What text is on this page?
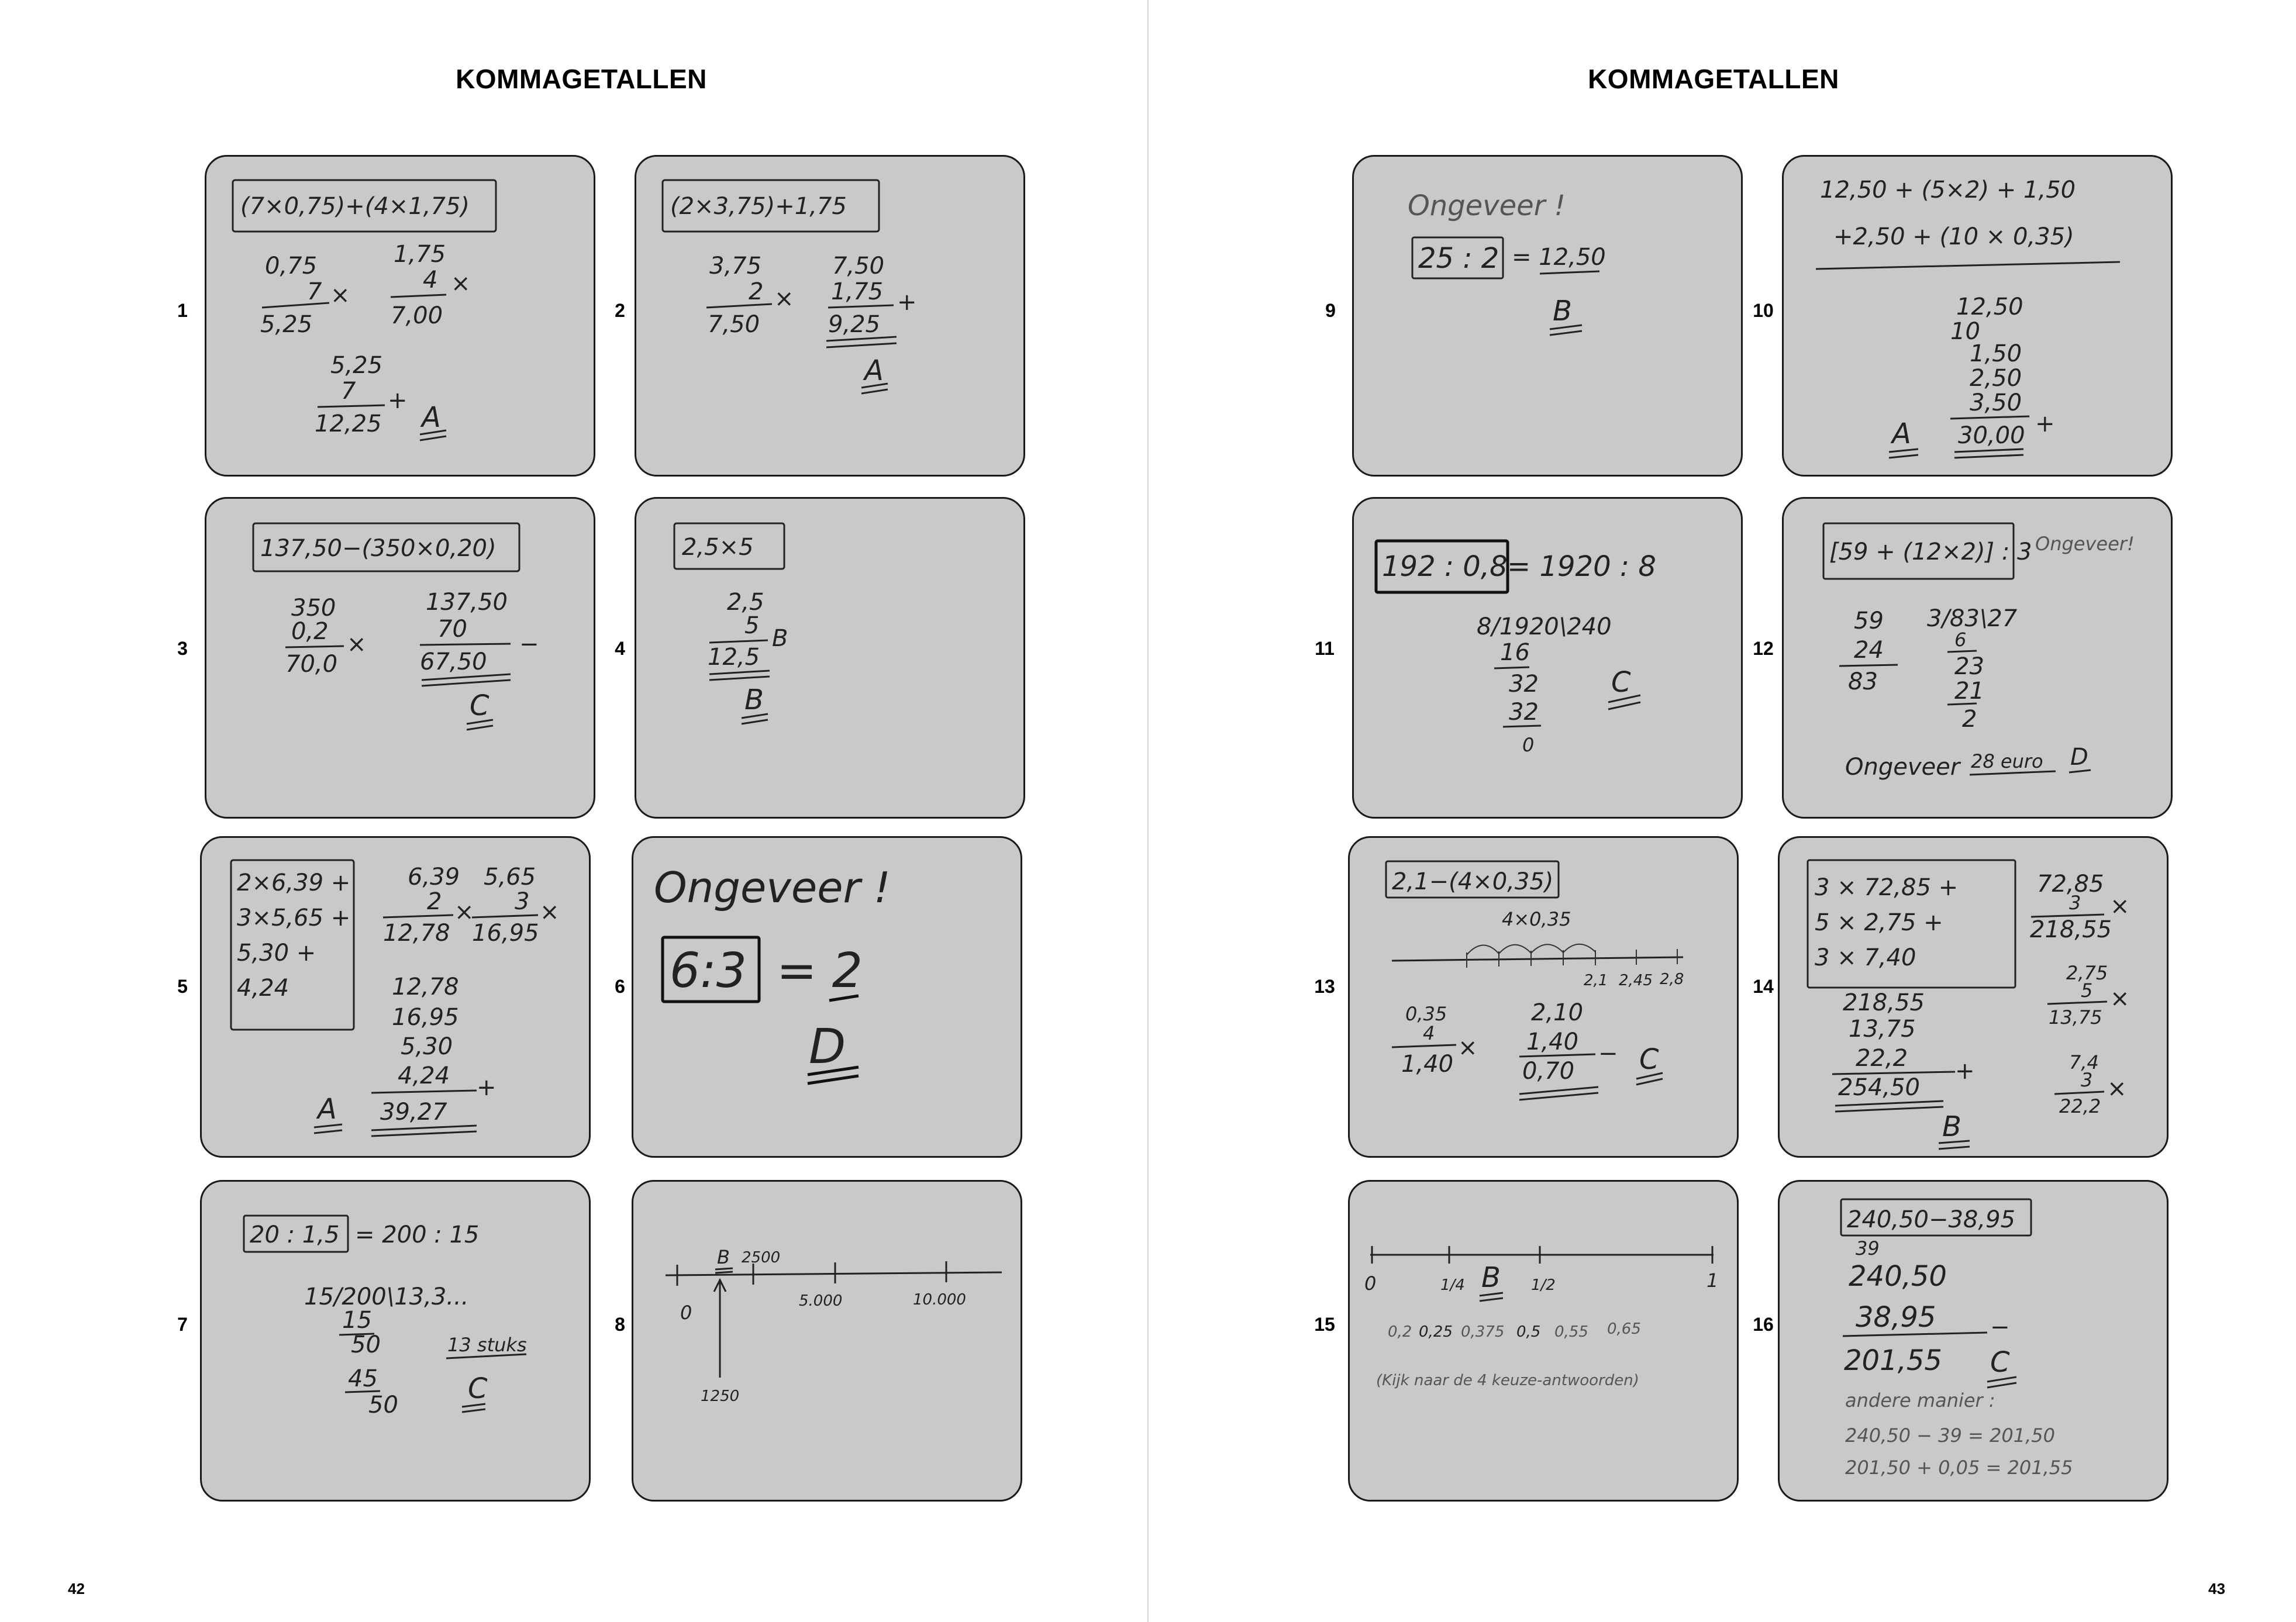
KOMMAGETALLEN
42
1	2
3	4
5	6
7	8
(7×0,75)+(4×1,75)
0,75
7
5,25
×
1,75
4
7,00
×
5,25
7
12,25
+
A
(2×3,75)+1,75
3,75
2
7,50
×
7,50
1,75
9,25
+
A
137,50−(350×0,20)
350
0,2
70,0
×
137,50
70
67,50
−
C
2,5×5
2,5
5
12,5
B
B
2×6,39 +
3×5,65 +
5,30 +
4,24
6,39
2
12,78
×
5,65
3
16,95
×
12,78
16,95
5,30
4,24
39,27
+
A
Ongeveer !
6:3 = 2
D
20 : 1,5 = 200 : 15
15/200\13,3...
15
50
45
50
13 stuks
C
B 2500
0
5.000	10.000
1250
KOMMAGETALLEN
43
9	10
11	12
13	14
15	16
Ongeveer !
25 : 2 = 12,50
B
12,50 + (5×2) + 1,50
+2,50 + (10 × 0,35)
12,50
10
1,50
2,50
3,50
30,00 +
A
192 : 0,8 = 1920 : 8
8/1920\240
16
32
32
0
C
[59 + (12×2)] : 3 Ongeveer!
59
24
83
3/83\27
6
23
21
2
Ongeveer 28 euro D
2,1−(4×0,35)
4×0,35
2,1 2,45 2,8
0,35
4
1,40
×
2,10
1,40
0,70
− C
3 × 72,85 +
5 × 2,75 +
3 × 7,40
72,85
3
218,55
×
2,75
5
13,75
×
7,4
3
22,2
×
218,55
13,75
22,2
254,50
+
B
0	1/4 B 1/2	1
0,2 0,25 0,375 0,5 0,55 0,65
(Kijk naar de 4 keuze-antwoorden)
240,50−38,95
39
240,50
38,95 −
201,55 C
andere manier :
240,50 − 39 = 201,50
201,50 + 0,05 = 201,55
